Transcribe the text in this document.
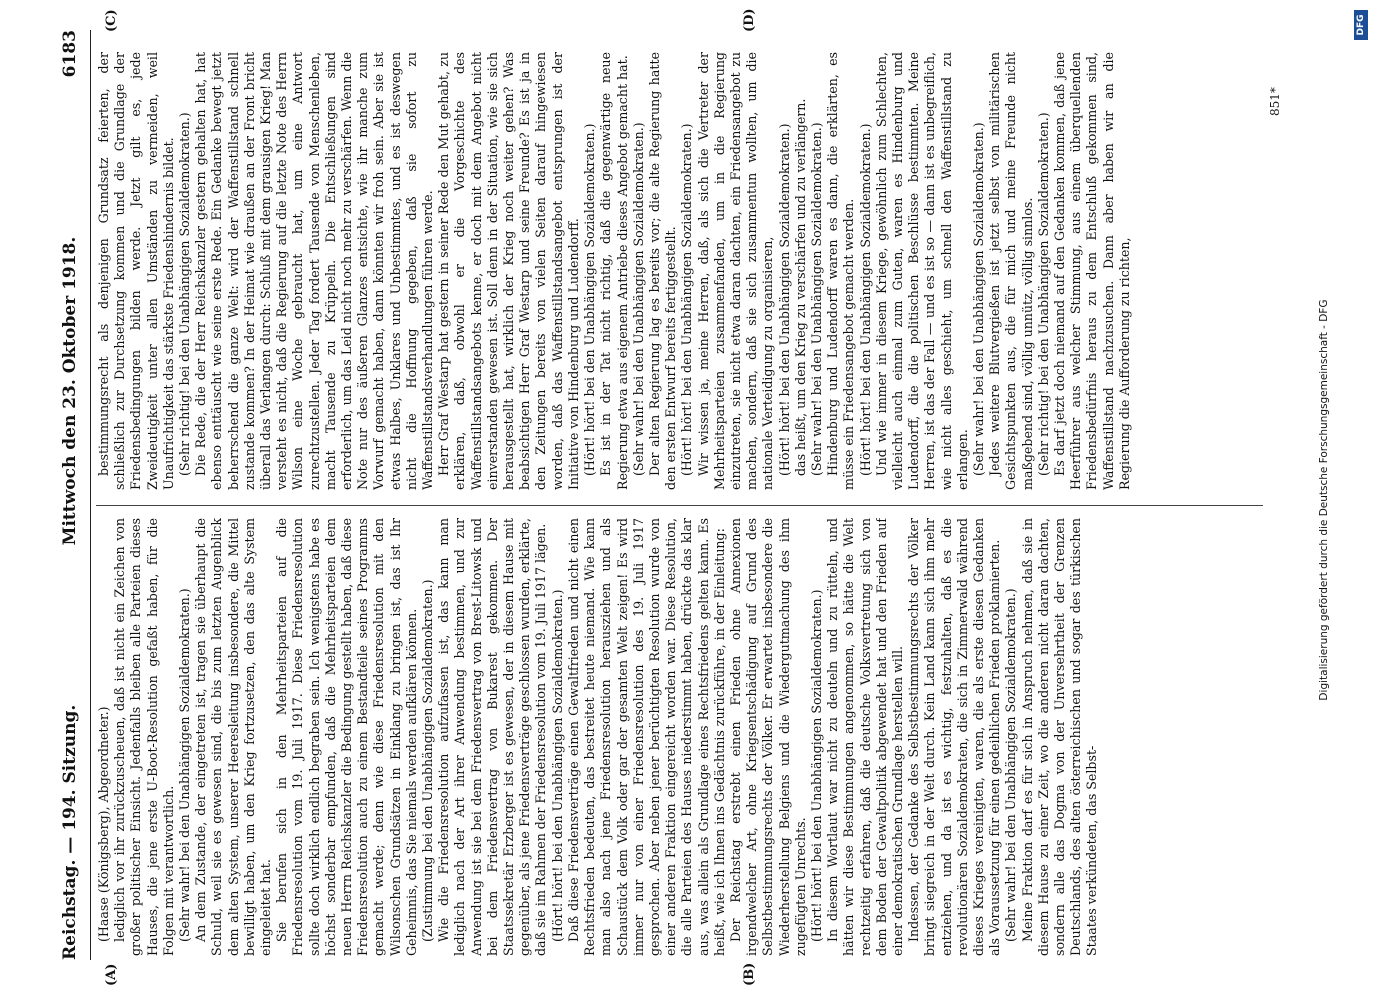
Reichstag. — 194. Sitzung.
Mittwoch den 23. Oktober 1918.
6183
(A)	(B)
(C)	(D)

(Haase (Königsberg), Abgeordneter.) lediglich vor ihr zurückzuscheuen, daß ist nicht ein Zeichen von großer politischer Einsicht. Jedenfalls bleiben alle Parteien dieses Hauses, die jene erste U-Boot-Resolution gefaßt haben, für die Folgen mit verantwortlich. (Sehr wahr! bei den Unabhängigen Sozialdemokraten.) An dem Zustande, der eingetreten ist, tragen sie überhaupt die Schuld, weil sie es gewesen sind, die bis zum letzten Augenblick dem alten System, unserer Heeresleitung insbesondere, die Mittel bewilligt haben, um den Krieg fortzusetzen, den das alte System eingeleitet hat. Sie berufen sich in den Mehrheitsparteien auf die Friedensresolution vom 19. Juli 1917. Diese Friedensresolution sollte doch wirklich endlich begraben sein. Ich wenigstens habe es höchst sonderbar empfunden, daß die Mehrheitsparteien dem neuen Herrn Reichskanzler die Bedingung gestellt haben, daß diese Friedensresolution auch zu einem Bestandteile seines Programms gemacht werde; denn wie diese Friedensresolution mit den Wilsonschen Grundsätzen in Einklang zu bringen ist, das ist Ihr Geheimnis, das Sie niemals werden aufklären können. (Zustimmung bei den Unabhängigen Sozialdemokraten.) Wie die Friedensresolution aufzufassen ist, das kann man lediglich nach der Art ihrer Anwendung bestimmen, und zur Anwendung ist sie bei dem Friedensvertrag von Brest-Litowsk und bei dem Friedensvertrag von Bukarest gekommen. Der Staatssekretär Erzberger ist es gewesen, der in diesem Hause mit gegenüber, als jene Friedensverträge geschlossen wurden, erklärte, daß sie im Rahmen der Friedensresolution vom 19. Juli 1917 lägen. (Hört! hört! bei den Unabhängigen Sozialdemokraten.) Daß diese Friedensverträge einen Gewaltfrieden und nicht einen Rechtsfrieden bedeuten, das bestreitet heute niemand. Wie kann man also nach jene Friedensresolution herausziehen und als Schaustück dem Volk oder gar der gesamten Welt zeigen! Es wird immer nur von einer Friedensresolution des 19. Juli 1917 gesprochen. Aber neben jener berüchtigten Resolution wurde von einer anderen Fraktion eingereicht worden war. Diese Resolution, die alle Parteien des Hauses niederstimmt haben, drückte das klar aus, was allein als Grundlage eines Rechtsfriedens gelten kann. Es heißt, wie ich Ihnen ins Gedächtnis zurückführe, in der Einleitung: Der Reichstag erstrebt einen Frieden ohne Annexionen irgendwelcher Art, ohne Kriegsentschädigung auf Grund des Selbstbestimmungsrechts der Völker. Er erwartet insbesondere die Wiederherstellung Belgiens und die Wiedergutmachung des ihm zugefügten Unrechts. (Hört! hört! bei den Unabhängigen Sozialdemokraten.) In diesem Wortlaut war nicht zu deuteln und zu rütteln, und hätten wir diese Bestimmungen angenommen, so hätte die Welt rechtzeitig erfahren, daß die deutsche Volksvertretung sich von dem Boden der Gewaltpolitik abgewendet hat und den Frieden auf einer demokratischen Grundlage herstellen will. Indessen, der Gedanke des Selbstbestimmungsrechts der Völker bringt siegreich in der Welt durch. Kein Land kann sich ihm mehr entziehen, und da ist es wichtig, festzuhalten, daß es die revolutionären Sozialdemokraten, die sich in Zimmerwald während dieses Krieges vereinigten, waren, die als erste diesen Gedanken als Voraussetzung für einen gedeihlichen Frieden proklamierten. (Sehr wahr! bei den Unabhängigen Sozialdemokraten.) Meine Fraktion darf es für sich in Anspruch nehmen, daß sie in diesem Hause zu einer Zeit, wo die anderen nicht daran dachten, sondern alle das Dogma von der Unversehrtheit der Grenzen Deutschlands, des alten österreichischen und sogar des türkischen Staates verkündeten, das Selbst-

bestimmungsrecht als denjenigen Grundsatz feierten, der schließlich zur Durchsetzung kommen und die Grundlage der Friedensbedingungen bilden werde. Jetzt gilt es, jede Zweideutigkeit unter allen Umständen zu vermeiden, weil Unaufrichtigkeit das stärkste Friedenshindernis bildet. (Sehr richtig! bei den Unabhängigen Sozialdemokraten.) Die Rede, die der Herr Reichskanzler gestern gehalten hat, hat ebenso enttäuscht wie seine erste Rede. Ein Gedanke bewegt jetzt beherrschend die ganze Welt: wird der Waffenstillstand schnell zustande kommen? In der Heimat wie draußen an der Front bricht überall das Verlangen durch: Schluß mit dem grausigen Krieg! Man versteht es nicht, daß die Regierung auf die letzte Note des Herrn Wilson eine Woche gebraucht hat, um eine Antwort zurechtzustellen. Jeder Tag fordert Tausende von Menschenleben, macht Tausende zu Krüppeln. Die Entschließungen sind erforderlich, um das Leid nicht noch mehr zu verschärfen. Wenn die Note nur des äußeren Glanzes entsichte, wie ihr manche zum Vorwurf gemacht haben, dann könnten wir froh sein. Aber sie ist etwas Halbes, Unklares und Unbestimmtes, und es ist deswegen nicht die Hoffnung gegeben, daß sie sofort zu Waffenstillstandsverhandlungen führen werde. Herr Graf Westarp hat gestern in seiner Rede den Mut gehabt, zu erklären, daß, obwohl er die Vorgeschichte des Waffenstillstandsangebots kenne, er doch mit dem Angebot nicht einverstanden gewesen ist. Soll denn in der Situation, wie sie sich herausgestellt hat, wirklich der Krieg noch weiter gehen? Was beabsichtigen Herr Graf Westarp und seine Freunde? Es ist ja in den Zeitungen bereits von vielen Seiten darauf hingewiesen worden, daß das Waffenstillstandsangebot entsprungen ist der Initiative von Hindenburg und Ludendorff. (Hört! hört! bei den Unabhängigen Sozialdemokraten.) Es ist in der Tat nicht richtig, daß die gegenwärtige neue Regierung etwa aus eigenem Antriebe dieses Angebot gemacht hat. (Sehr wahr! bei den Unabhängigen Sozialdemokraten.) Der alten Regierung lag es bereits vor; die alte Regierung hatte den ersten Entwurf bereits fertiggestellt. (Hört! hört! bei den Unabhängigen Sozialdemokraten.) Wir wissen ja, meine Herren, daß, als sich die Vertreter der Mehrheitsparteien zusammenfanden, um in die Regierung einzutreten, sie nicht etwa daran dachten, ein Friedensangebot zu machen, sondern, daß sie sich zusammentun wollten, um die nationale Verteidigung zu organisieren, (Hört! hört! bei den Unabhängigen Sozialdemokraten.) das heißt, um den Krieg zu verschärfen und zu verlängern. (Sehr wahr! bei den Unabhängigen Sozialdemokraten.) Hindenburg und Ludendorff waren es dann, die erklärten, es müsse ein Friedensangebot gemacht werden. (Hört! hört! bei den Unabhängigen Sozialdemokraten.) Und wie immer in diesem Kriege, gewöhnlich zum Schlechten, vielleicht auch einmal zum Guten, waren es Hindenburg und Ludendorff, die die politischen Beschlüsse bestimmten. Meine Herren, ist das der Fall — und es ist so — dann ist es unbegreiflich, wie nicht alles geschieht, um schnell den Waffenstillstand zu erlangen. (Sehr wahr! bei den Unabhängigen Sozialdemokraten.) Jedes weitere Blutvergießen ist jetzt selbst von militärischen Gesichtspunkten aus, die für mich und meine Freunde nicht maßgebend sind, völlig unnütz, völlig sinnlos. (Sehr richtig! bei den Unabhängigen Sozialdemokraten.) Es darf jetzt doch niemand auf den Gedanken kommen, daß jene Heerführer aus welcher Stimmung, aus einem überquellenden Friedensbedürfnis heraus zu dem Entschluß gekommen sind, Waffenstillstand nachzusuchen. Dann aber haben wir an die Regierung die Aufforderung zu richten,

851*
Digitalisierung gefördert durch die Deutsche Forschungsgemeinschaft - DFG
DFG
